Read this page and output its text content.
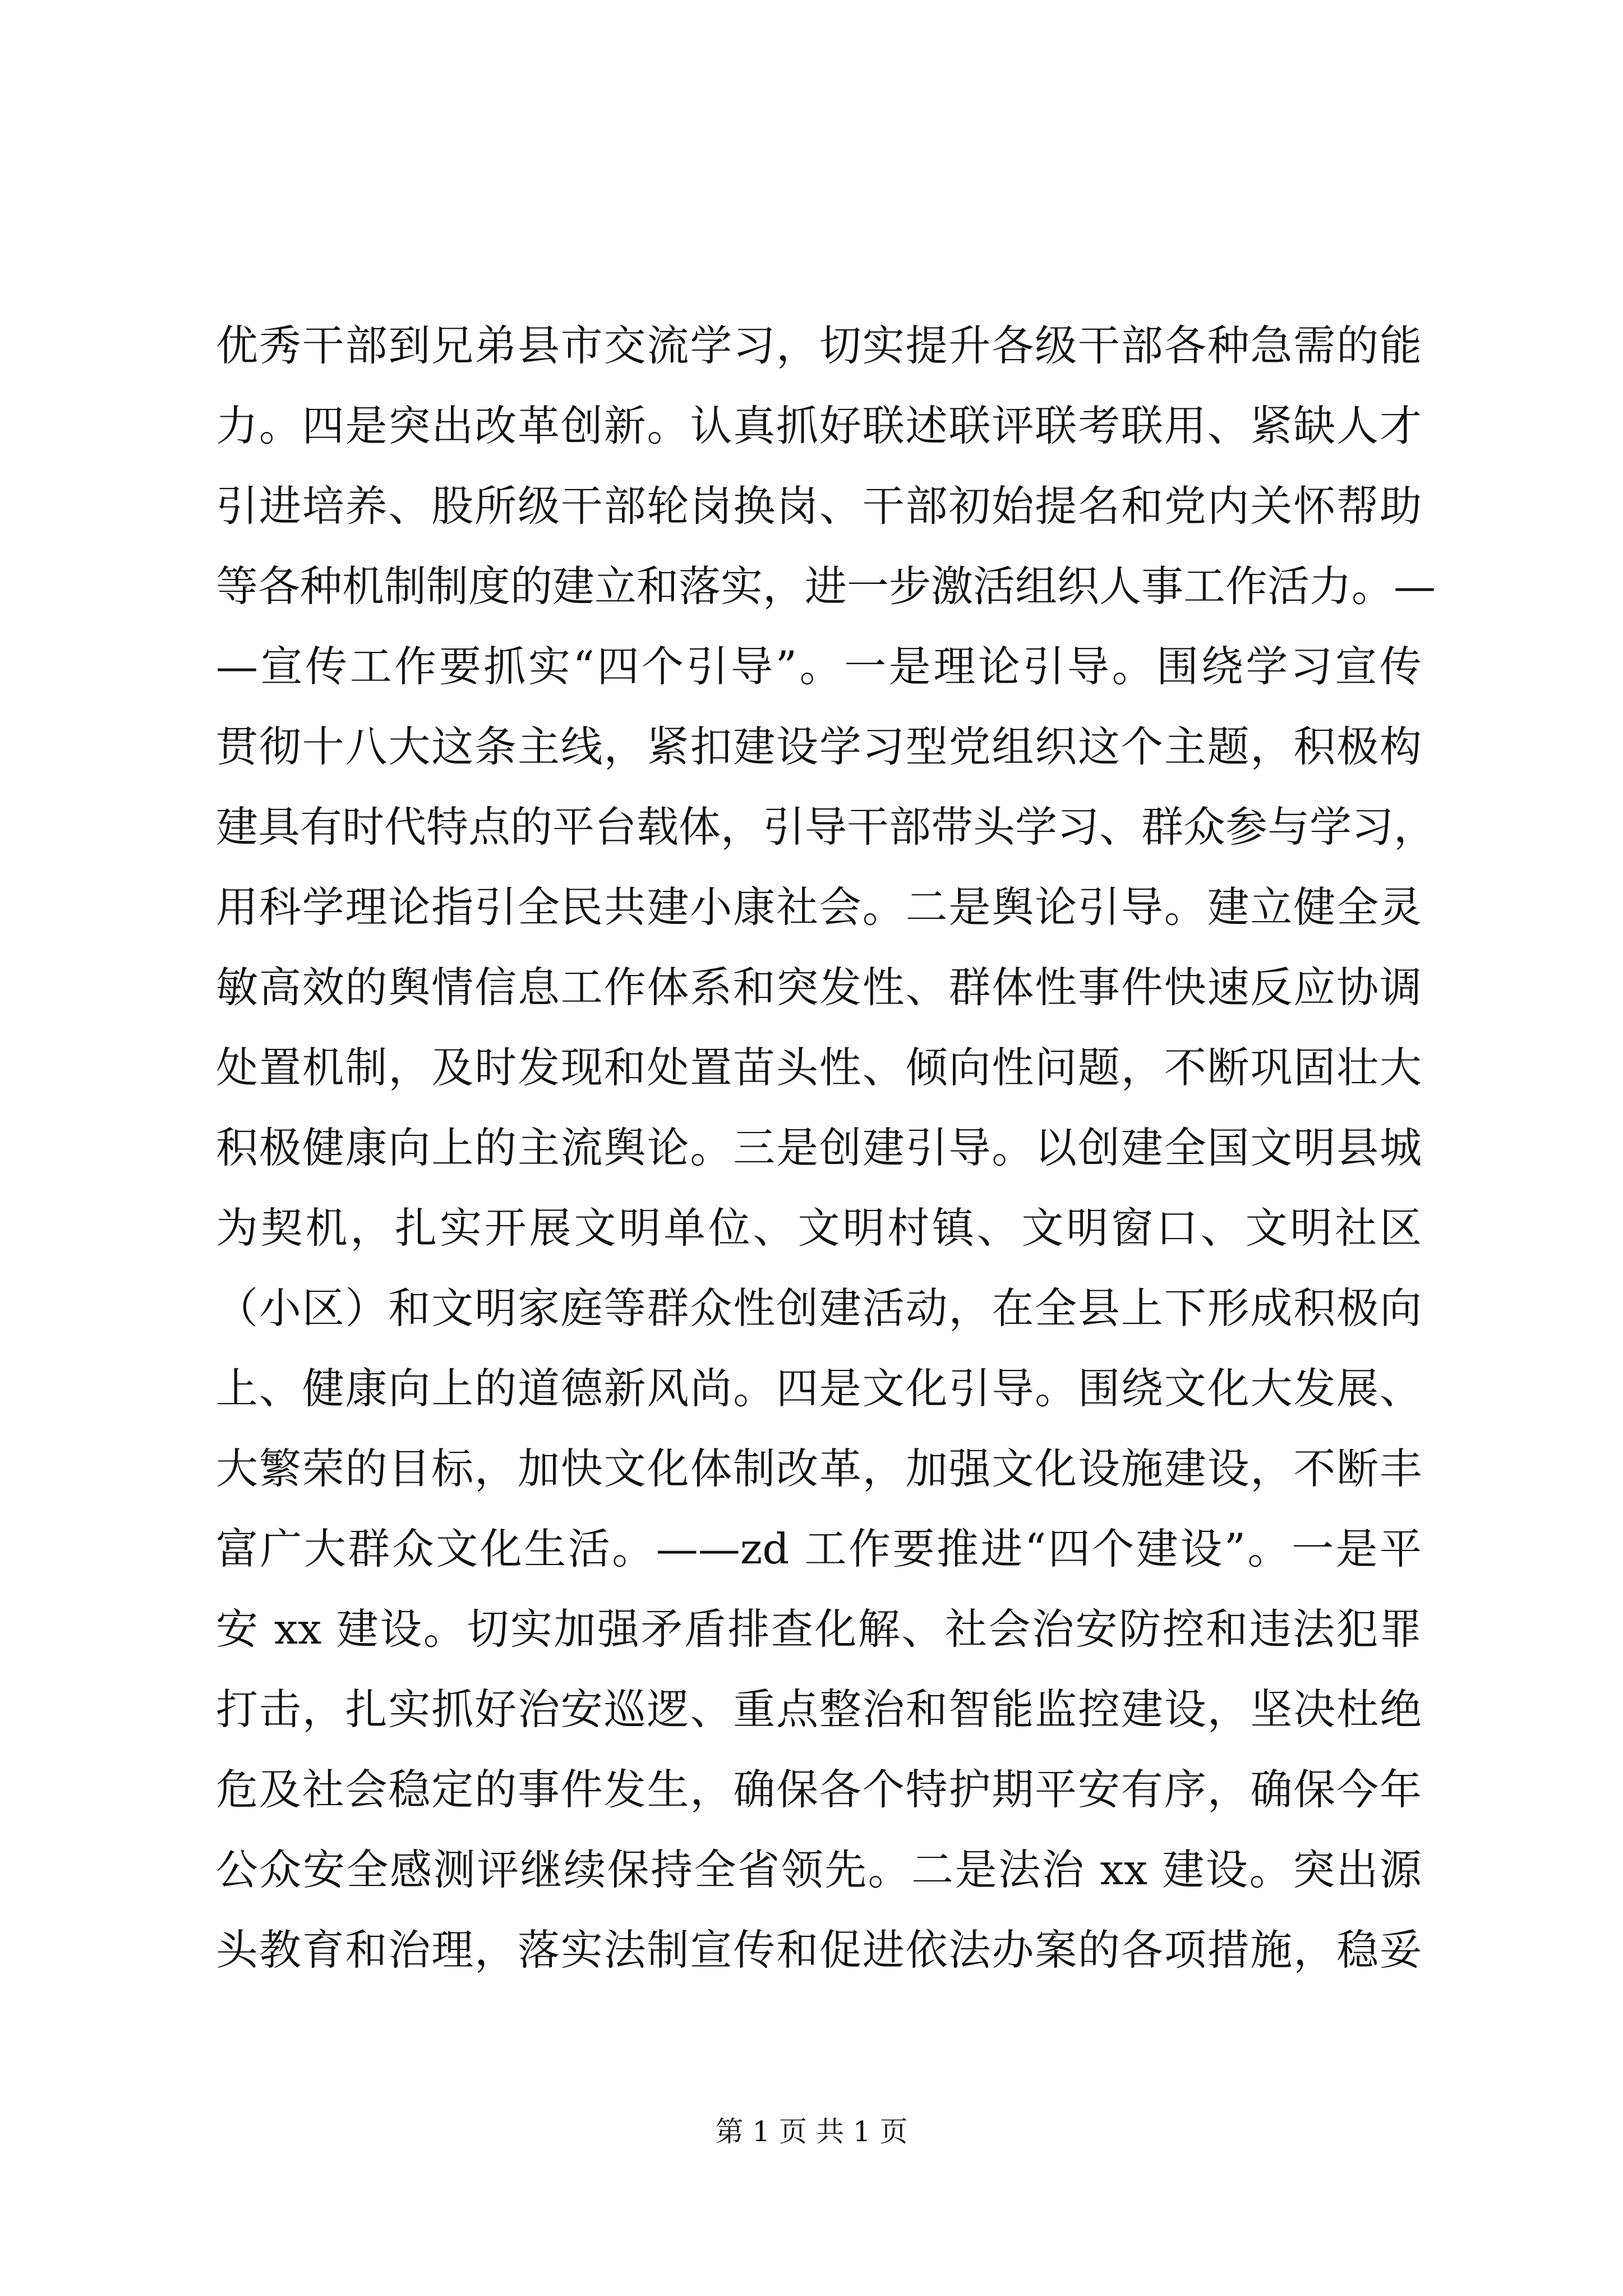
优秀干部到兄弟县市交流学习，切实提升各级干部各种急需的能
力。四是突出改革创新。认真抓好联述联评联考联用、紧缺人才
引进培养、股所级干部轮岗换岗、干部初始提名和党内关怀帮助
等各种机制制度的建立和落实，进一步激活组织人事工作活力。—
—宣传工作要抓实“四个引导”。一是理论引导。围绕学习宣传
贯彻十八大这条主线，紧扣建设学习型党组织这个主题，积极构
建具有时代特点的平台载体，引导干部带头学习、群众参与学习，
用科学理论指引全民共建小康社会。二是舆论引导。建立健全灵
敏高效的舆情信息工作体系和突发性、群体性事件快速反应协调
处置机制，及时发现和处置苗头性、倾向性问题，不断巩固壮大
积极健康向上的主流舆论。三是创建引导。以创建全国文明县城
为契机，扎实开展文明单位、文明村镇、文明窗口、文明社区
（小区）和文明家庭等群众性创建活动，在全县上下形成积极向
上、健康向上的道德新风尚。四是文化引导。围绕文化大发展、
大繁荣的目标，加快文化体制改革，加强文化设施建设，不断丰
富广大群众文化生活。——zd 工作要推进“四个建设”。一是平
安 xx 建设。切实加强矛盾排查化解、社会治安防控和违法犯罪
打击，扎实抓好治安巡逻、重点整治和智能监控建设，坚决杜绝
危及社会稳定的事件发生，确保各个特护期平安有序，确保今年
公众安全感测评继续保持全省领先。二是法治 xx 建设。突出源
头教育和治理，落实法制宣传和促进依法办案的各项措施，稳妥
第 1 页 共 1 页
